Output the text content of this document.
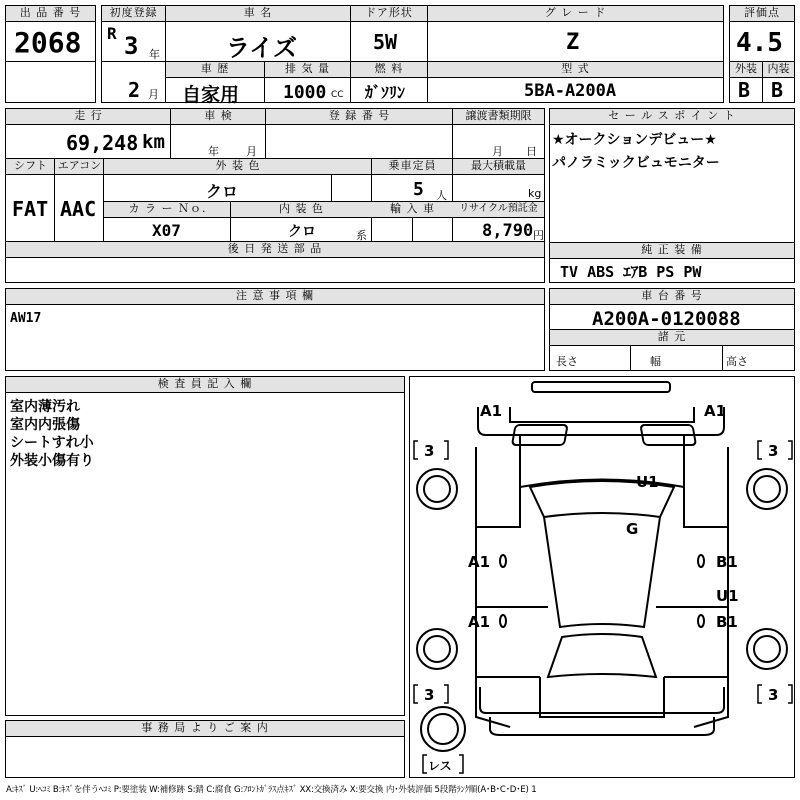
出 品 番 号
2068
初度登録
R 3 年
2 月
車 名
ライズ
車 歴
自家用
排 気 量
1000 CC
ドア形状
5W
燃 料
ｶﾞｿﾘﾝ
グ レ ー ド
Z
型 式
5BA-A200A
評価点
4.5
外装
B
内装
B
走 行	車 検	登 録 番 号	譲渡書類期限
69,248 km	年 月	月 日
シフト エアコン	外 装 色	乗車定員	最大積載量
FAT AAC
クロ	5 人	kg
カ ラ ー Ｎｏ.	内 装 色	輸 入 車	リサイクル預託金
X07	クロ	系	8,790 円
後 日 発 送 部 品
セ ー ル ス ポ イ ン ト
★オークションデビュー★
パノラミックビュモニター
純 正 装 備
TV ABS ｴｱB PS PW
注 意 事 項 欄
AW17
車 台 番 号
A200A-0120088
諸 元
長さ	幅	高さ
検 査 員 記 入 欄
室内薄汚れ
室内内張傷
シートすれ小
外装小傷有り
事 務 局 よ り ご 案 内
A1	A1
3	3
3	3
U1
G
A1	B1
U1
A1	B1
レス
A:ｷｽﾞ U:ﾍｺﾐ B:ｷｽﾞを伴うﾍｺﾐ P:要塗装 W:補修跡 S:錆 C:腐食 G:ﾌﾛﾝﾄｶﾞﾗｽ点ｷｽﾞ XX:交換済み X:要交換 内･外装評価 5段階ﾗﾝｸ順(A･B･C･D･E) 1
